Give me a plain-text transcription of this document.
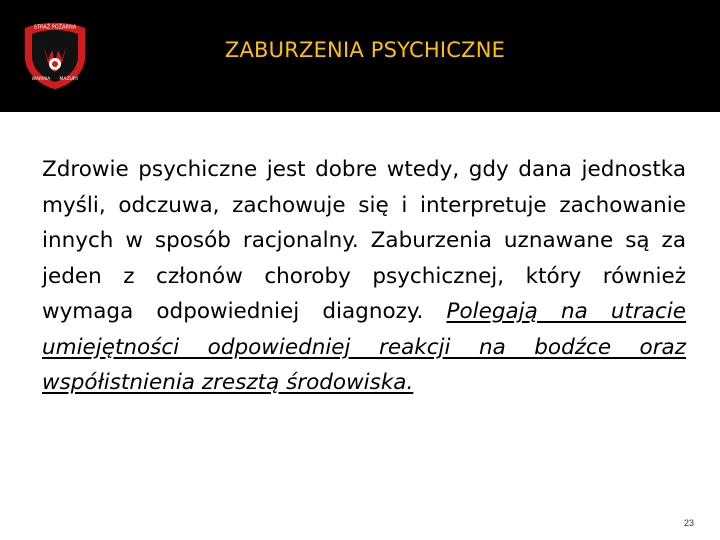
STRAŻ POŻARNA
WARMIA MAZURY
ZABURZENIA PSYCHICZNE
Zdrowie psychiczne jest dobre wtedy, gdy dana jednostka myśli, odczuwa, zachowuje się i interpretuje zachowanie innych w sposób racjonalny. Zaburzenia uznawane są za jeden z członów choroby psychicznej, który również wymaga odpowiedniej diagnozy. Polegają na utracie umiejętności odpowiedniej reakcji na bodźce oraz współistnienia zresztą środowiska.
23
